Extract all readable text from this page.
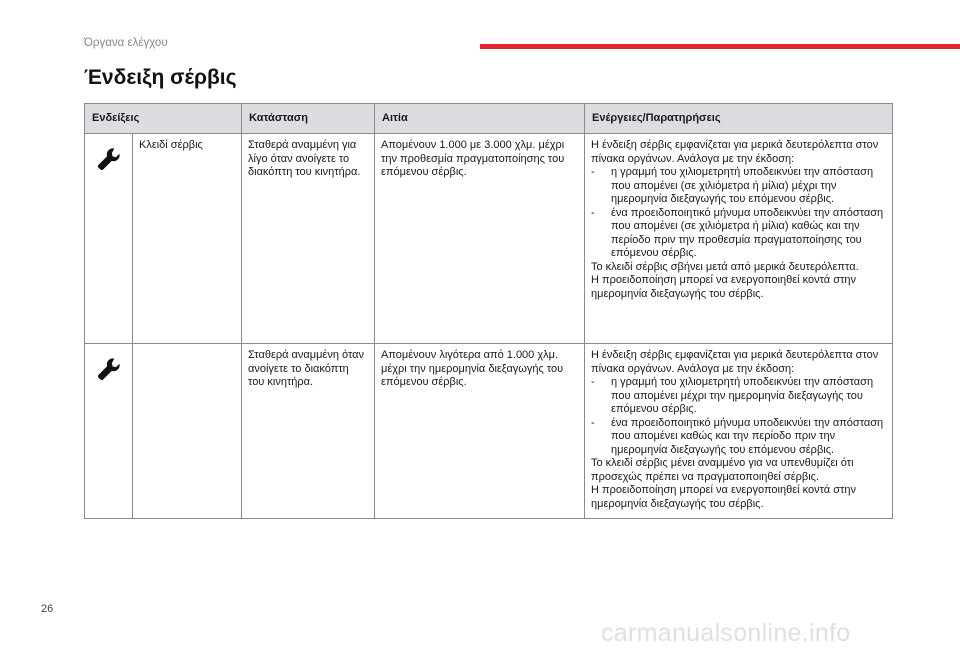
Όργανα ελέγχου
Ένδειξη σέρβις
Ενδείξεις		Κατάσταση	Αιτία	Ενέργειες/Παρατηρήσεις
	Κλειδί σέρβις	Σταθερά αναμμένη για λίγο όταν ανοίγετε το διακόπτη του κινητήρα.	Απομένουν 1.000 με 3.000 χλμ. μέχρι την προθεσμία πραγματοποίησης του επόμενου σέρβις.	Η ένδειξη σέρβις εμφανίζεται για μερικά δευτερόλεπτα στον πίνακα οργάνων. Ανάλογα με την έκδοση:
- η γραμμή του χιλιομετρητή υποδεικνύει την απόσταση που απομένει (σε χιλιόμετρα ή μίλια) μέχρι την ημερομηνία διεξαγωγής του επόμενου σέρβις.
- ένα προειδοποιητικό μήνυμα υποδεικνύει την απόσταση που απομένει (σε χιλιόμετρα ή μίλια) καθώς και την περίοδο πριν την προθεσμία πραγματοποίησης του επόμενου σέρβις.
Το κλειδί σέρβις σβήνει μετά από μερικά δευτερόλεπτα.
Η προειδοποίηση μπορεί να ενεργοποιηθεί κοντά στην ημερομηνία διεξαγωγής του σέρβις.

		Σταθερά αναμμένη όταν ανοίγετε το διακόπτη του κινητήρα.	Απομένουν λιγότερα από 1.000 χλμ. μέχρι την ημερομηνία διεξαγωγής του επόμενου σέρβις.	Η ένδειξη σέρβις εμφανίζεται για μερικά δευτερόλεπτα στον πίνακα οργάνων. Ανάλογα με την έκδοση:
- η γραμμή του χιλιομετρητή υποδεικνύει την απόσταση που απομένει μέχρι την ημερομηνία διεξαγωγής του επόμενου σέρβις.
- ένα προειδοποιητικό μήνυμα υποδεικνύει την απόσταση που απομένει καθώς και την περίοδο πριν την ημερομηνία διεξαγωγής του επόμενου σέρβις.
Το κλειδί σέρβις μένει αναμμένο για να υπενθυμίζει ότι προσεχώς πρέπει να πραγματοποιηθεί σέρβις.
Η προειδοποίηση μπορεί να ενεργοποιηθεί κοντά στην ημερομηνία διεξαγωγής του σέρβις.
26
carmanualsonline.info
